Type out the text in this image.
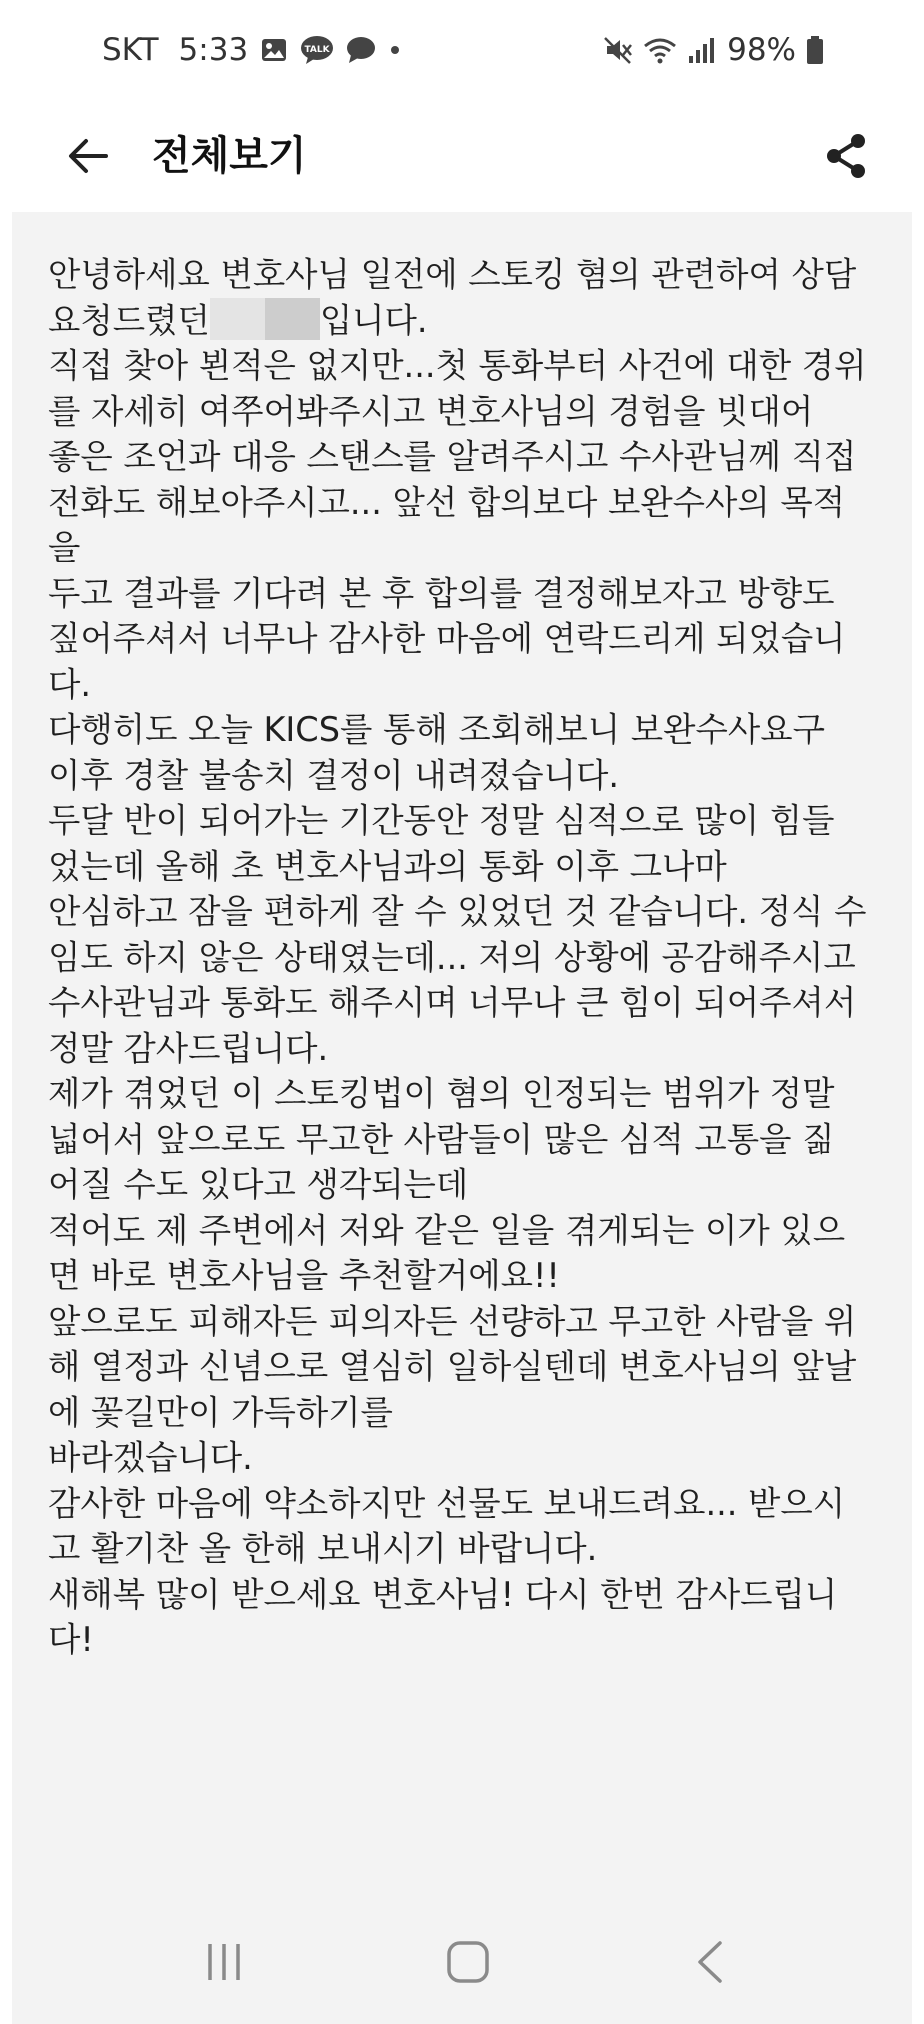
SKT 5:33	TALK	98%
전체보기
안녕하세요 변호사님 일전에 스토킹 혐의 관련하여 상담
요청드렸던	입니다.
직접 찾아 뵌적은 없지만...첫 통화부터 사건에 대한 경위
를 자세히 여쭈어봐주시고 변호사님의 경험을 빗대어
좋은 조언과 대응 스탠스를 알려주시고 수사관님께 직접
전화도 해보아주시고... 앞선 합의보다 보완수사의 목적
을
두고 결과를 기다려 본 후 합의를 결정해보자고 방향도
짚어주셔서 너무나 감사한 마음에 연락드리게 되었습니
다.
다행히도 오늘 KICS를 통해 조회해보니 보완수사요구
이후 경찰 불송치 결정이 내려졌습니다.
두달 반이 되어가는 기간동안 정말 심적으로 많이 힘들
었는데 올해 초 변호사님과의 통화 이후 그나마
안심하고 잠을 편하게 잘 수 있었던 것 같습니다. 정식 수
임도 하지 않은 상태였는데... 저의 상황에 공감해주시고
수사관님과 통화도 해주시며 너무나 큰 힘이 되어주셔서
정말 감사드립니다.
제가 겪었던 이 스토킹법이 혐의 인정되는 범위가 정말
넓어서 앞으로도 무고한 사람들이 많은 심적 고통을 짊
어질 수도 있다고 생각되는데
적어도 제 주변에서 저와 같은 일을 겪게되는 이가 있으
면 바로 변호사님을 추천할거에요!!
앞으로도 피해자든 피의자든 선량하고 무고한 사람을 위
해 열정과 신념으로 열심히 일하실텐데 변호사님의 앞날
에 꽃길만이 가득하기를
바라겠습니다.
감사한 마음에 약소하지만 선물도 보내드려요... 받으시
고 활기찬 올 한해 보내시기 바랍니다.
새해복 많이 받으세요 변호사님! 다시 한번 감사드립니
다!
